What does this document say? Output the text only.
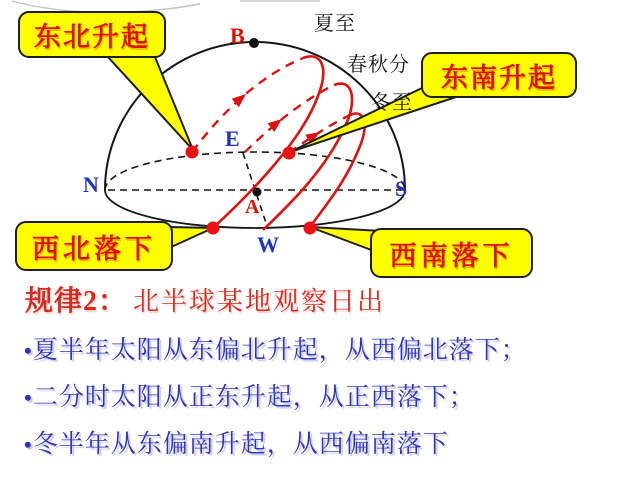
B
N	S
E
W
A
夏至
春秋分
冬至
东北升起
东南升起
西北落下	西南落下
规律2： 北半球某地观察日出
• 夏半年太阳从东偏北升起，从西偏北落下；
• 二分时太阳从正东升起，从正西落下；
• 冬半年从东偏南升起，从西偏南落下
